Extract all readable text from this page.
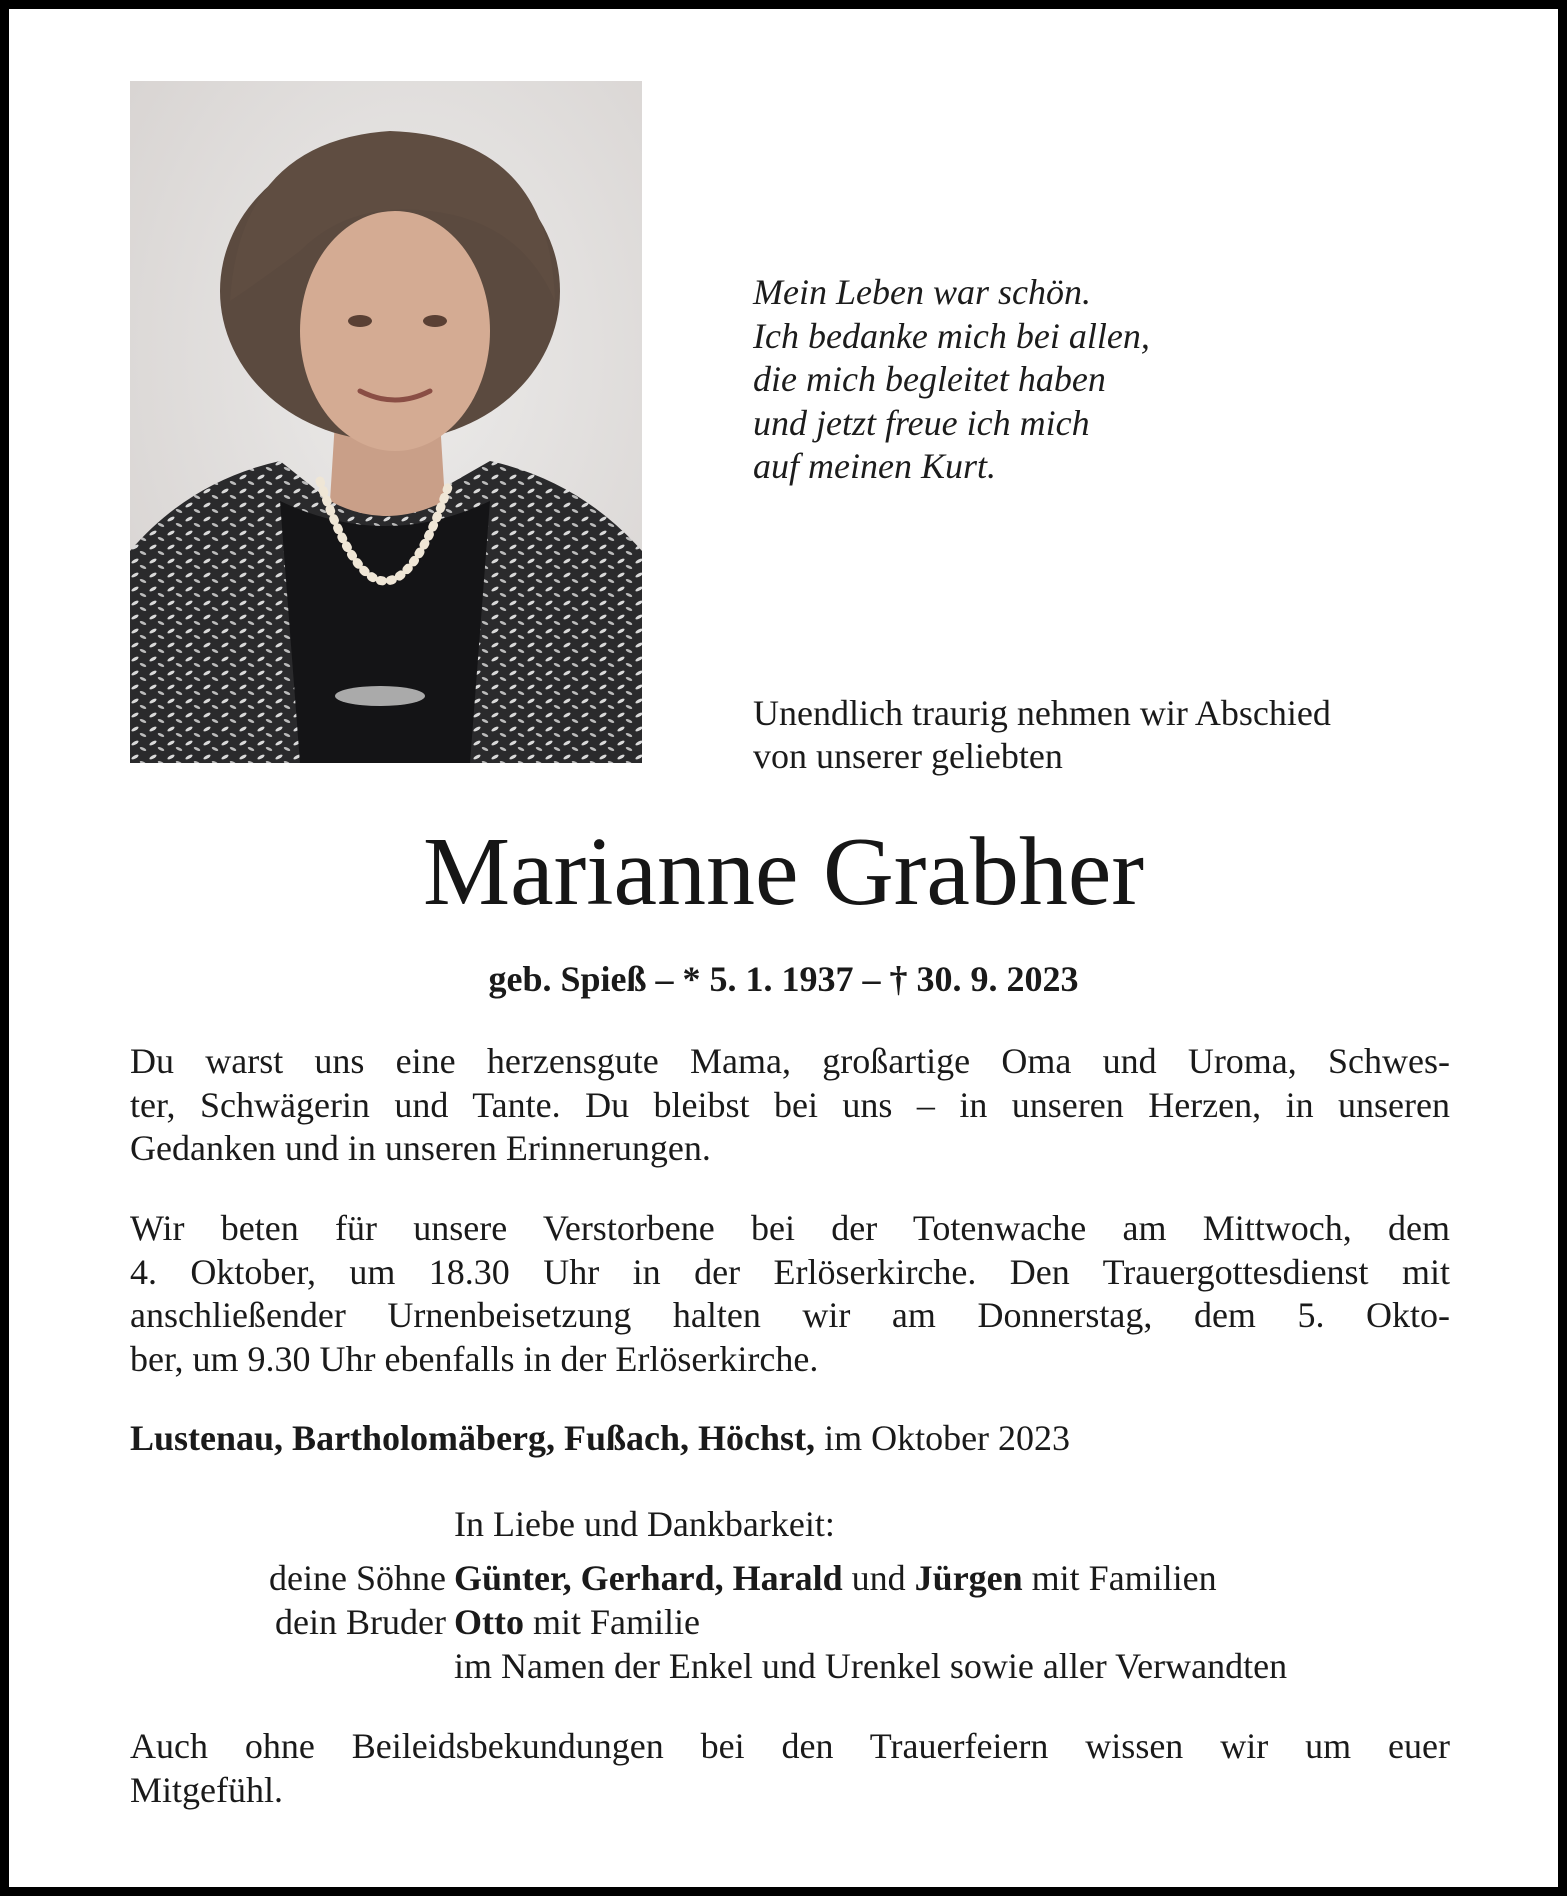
Mein Leben war schön.
Ich bedanke mich bei allen,
die mich begleitet haben
und jetzt freue ich mich
auf meinen Kurt.
Unendlich traurig nehmen wir Abschied
von unserer geliebten
Marianne Grabher
geb. Spieß – * 5. 1. 1937 – † 30. 9. 2023
Du warst uns eine herzensgute Mama, großartige Oma und Uroma, Schwes-
ter, Schwägerin und Tante. Du bleibst bei uns – in unseren Herzen, in unseren
Gedanken und in unseren Erinnerungen.
Wir beten für unsere Verstorbene bei der Totenwache am Mittwoch, dem
4. Oktober, um 18.30 Uhr in der Erlöserkirche. Den Trauergottesdienst mit
anschließender Urnenbeisetzung halten wir am Donnerstag, dem 5. Okto-
ber, um 9.30 Uhr ebenfalls in der Erlöserkirche.
Lustenau, Bartholomäberg, Fußach, Höchst, im Oktober 2023
In Liebe und Dankbarkeit:
deine Söhne Günter, Gerhard, Harald und Jürgen mit Familien
dein Bruder Otto mit Familie
im Namen der Enkel und Urenkel sowie aller Verwandten
Auch ohne Beileidsbekundungen bei den Trauerfeiern wissen wir um euer
Mitgefühl.
